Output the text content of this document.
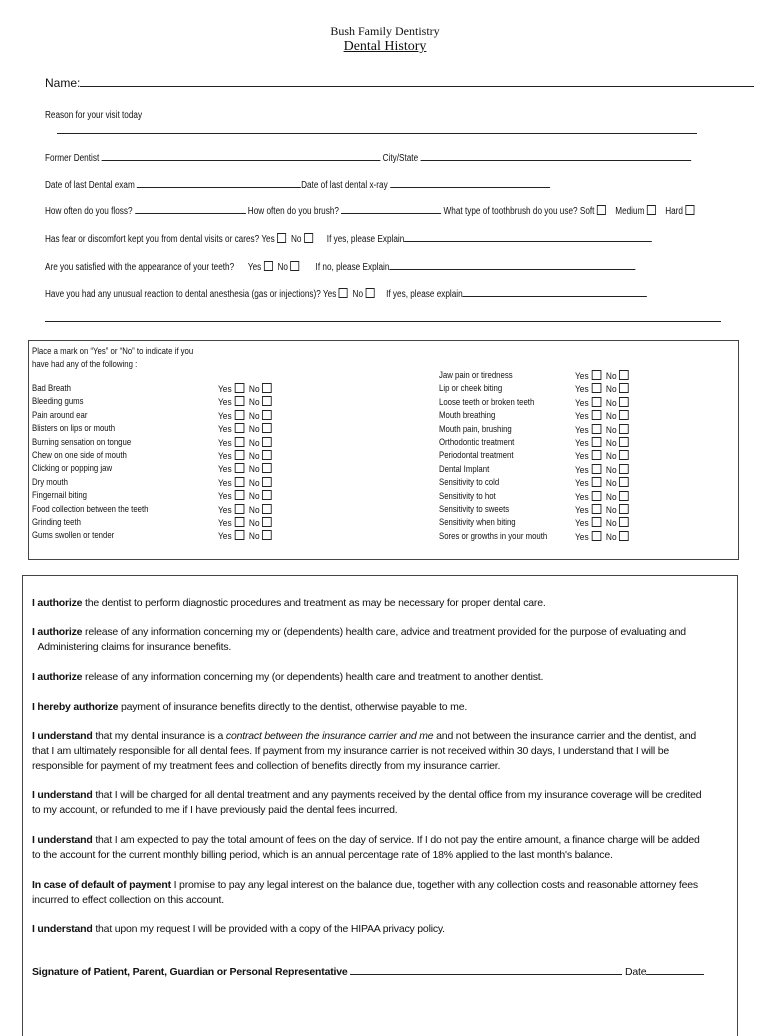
Bush Family Dentistry
Dental History
Name:
Reason for your visit today
Former Dentist	City/State
Date of last Dental exam	Date of last dental x-ray
How often do you floss?	How often do you brush?	What type of toothbrush do you use? Soft Medium Hard
Has fear or discomfort kept you from dental visits or cares? Yes No	If yes, please Explain
Are you satisfied with the appearance of your teeth? Yes No	If no, please Explain
Have you had any unusual reaction to dental anesthesia (gas or injections)? Yes No If yes, please explain
Place a mark on “Yes” or “No” to indicate if you
have had any of the following :
Bad Breath	Yes No
Bleeding gums	Yes No
Pain around ear	Yes No
Blisters on lips or mouth	Yes No
Burning sensation on tongue	Yes No
Chew on one side of mouth	Yes No
Clicking or popping jaw	Yes No
Dry mouth	Yes No
Fingernail biting	Yes No
Food collection between the teeth	Yes No
Grinding teeth	Yes No
Gums swollen or tender	Yes No
Jaw pain or tiredness	Yes No
Lip or cheek biting	Yes No
Loose teeth or broken teeth	Yes No
Mouth breathing	Yes No
Mouth pain, brushing	Yes No
Orthodontic treatment	Yes No
Periodontal treatment	Yes No
Dental Implant	Yes No
Sensitivity to cold	Yes No
Sensitivity to hot	Yes No
Sensitivity to sweets	Yes No
Sensitivity when biting	Yes No
Sores or growths in your mouth	Yes No
I authorize the dentist to perform diagnostic procedures and treatment as may be necessary for proper dental care.
I authorize release of any information concerning my or (dependents) health care, advice and treatment provided for the purpose of evaluating and
Administering claims for insurance benefits.
I authorize release of any information concerning my (or dependents) health care and treatment to another dentist.
I hereby authorize payment of insurance benefits directly to the dentist, otherwise payable to me.
I understand that my dental insurance is a contract between the insurance carrier and me and not between the insurance carrier and the dentist, and
that I am ultimately responsible for all dental fees. If payment from my insurance carrier is not received within 30 days, I understand that I will be
responsible for payment of my treatment fees and collection of benefits directly from my insurance carrier.
I understand that I will be charged for all dental treatment and any payments received by the dental office from my insurance coverage will be credited
to my account, or refunded to me if I have previously paid the dental fees incurred.
I understand that I am expected to pay the total amount of fees on the day of service. If I do not pay the entire amount, a finance charge will be added
to the account for the current monthly billing period, which is an annual percentage rate of 18% applied to the last month's balance.
In case of default of payment I promise to pay any legal interest on the balance due, together with any collection costs and reasonable attorney fees
incurred to effect collection on this account.
I understand that upon my request I will be provided with a copy of the HIPAA privacy policy.
Signature of Patient, Parent, Guardian or Personal Representative	Date
